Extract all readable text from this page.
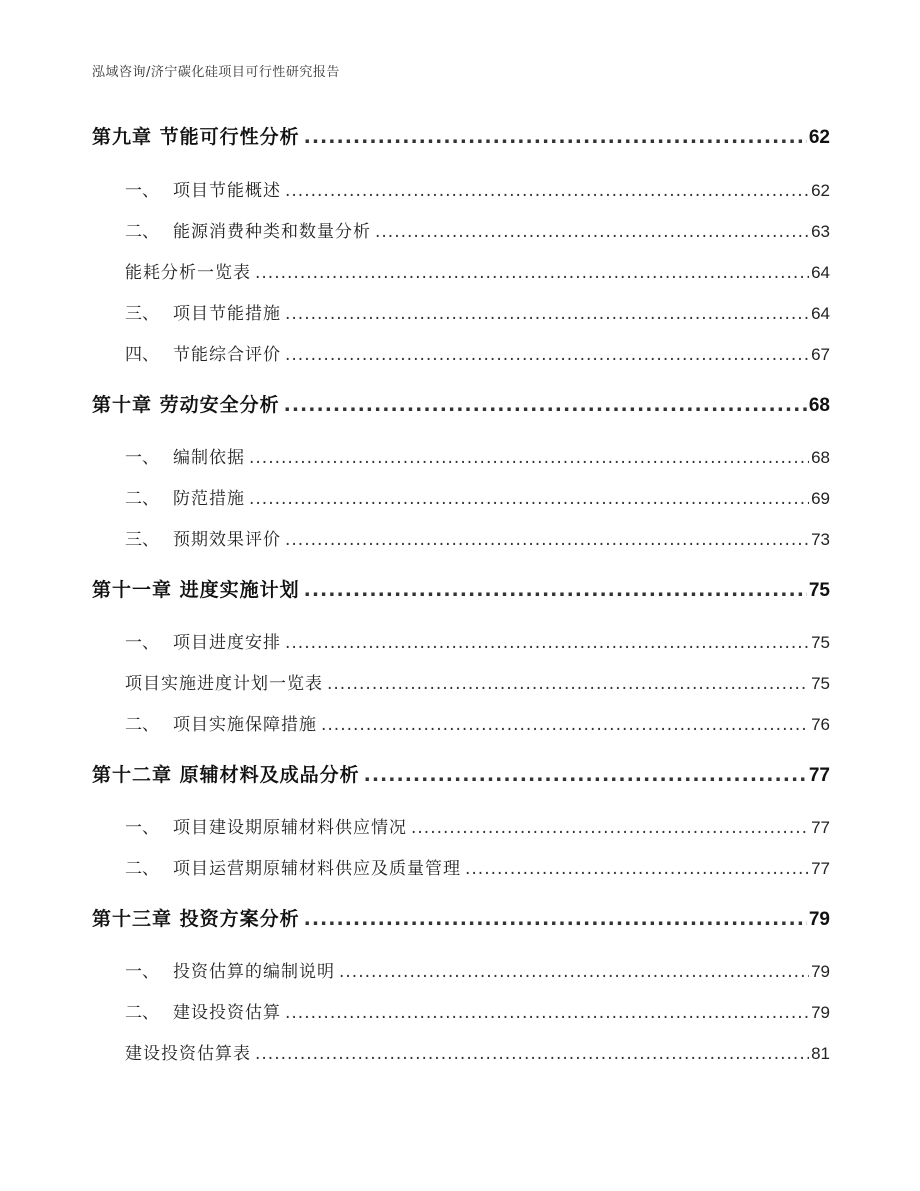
泓域咨询/济宁碳化硅项目可行性研究报告
第九章 节能可行性分析 .....	62
一、 项目节能概述 .....	62
二、 能源消费种类和数量分析 .....	63
能耗分析一览表 .....	64
三、 项目节能措施 .....	64
四、 节能综合评价 .....	67
第十章 劳动安全分析 .....	68
一、 编制依据 .....	68
二、 防范措施 .....	69
三、 预期效果评价 .....	73
第十一章 进度实施计划 .....	75
一、 项目进度安排 .....	75
项目实施进度计划一览表 .....	75
二、 项目实施保障措施 .....	76
第十二章 原辅材料及成品分析 .....	77
一、 项目建设期原辅材料供应情况 .....	77
二、 项目运营期原辅材料供应及质量管理 .....	77
第十三章 投资方案分析 .....	79
一、 投资估算的编制说明 .....	79
二、 建设投资估算 .....	79
建设投资估算表 .....	81
